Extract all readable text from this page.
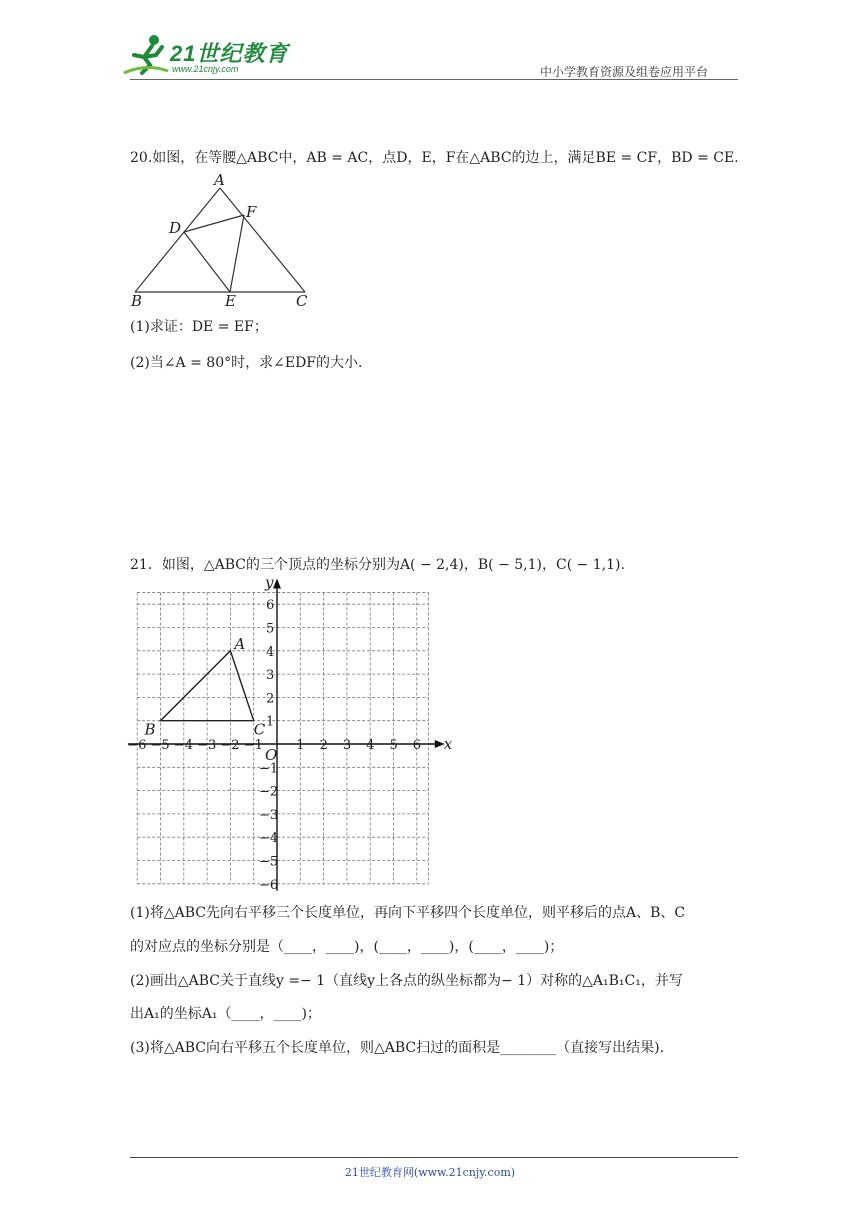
21世纪教育
www.21cnjy.com	中小学教育资源及组卷应用平台
20.如图，在等腰△ABC中，AB = AC，点D，E，F在△ABC的边上，满足BE = CF，BD = CE.
A
B	C
D
E
F
(1)求证：DE = EF；
(2)当∠A = 80°时，求∠EDF的大小.
21．如图，△ABC的三个顶点的坐标分别为A( − 2,4)，B( − 5,1)，C( − 1,1).
x
y
O
−6 −5 −4 −3 −2 −1	1 2 3 4 5 6
1
2
3
4
5
6
−1
−2
−3
−4
−5
−6
A
B	C
(1)将△ABC先向右平移三个长度单位，再向下平移四个长度单位，则平移后的点A、B、C
的对应点的坐标分别是（____，____)，(____，____)，(____，____)；
(2)画出△ABC关于直线y =− 1（直线y上各点的纵坐标都为− 1）对称的△A₁B₁C₁，并写
出A₁的坐标A₁（____，____)；
(3)将△ABC向右平移五个长度单位，则△ABC扫过的面积是________（直接写出结果).
21世纪教育网(www.21cnjy.com)
